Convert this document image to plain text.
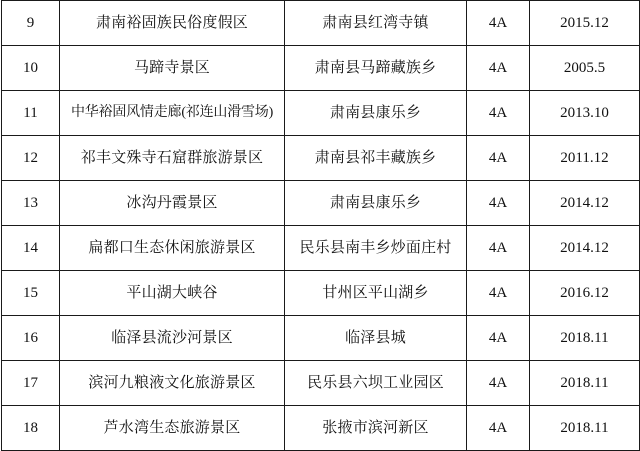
9	肃南裕固族民俗度假区	肃南县红湾寺镇	4A	2015.12
10	马蹄寺景区	肃南县马蹄藏族乡	4A	2005.5
11	中华裕固风情走廊(祁连山滑雪场)	肃南县康乐乡	4A	2013.10
12	祁丰文殊寺石窟群旅游景区	肃南县祁丰藏族乡	4A	2011.12
13	冰沟丹霞景区	肃南县康乐乡	4A	2014.12
14	扁都口生态休闲旅游景区	民乐县南丰乡炒面庄村	4A	2014.12
15	平山湖大峡谷	甘州区平山湖乡	4A	2016.12
16	临泽县流沙河景区	临泽县城	4A	2018.11
17	滨河九粮液文化旅游景区	民乐县六坝工业园区	4A	2018.11
18	芦水湾生态旅游景区	张掖市滨河新区	4A	2018.11
